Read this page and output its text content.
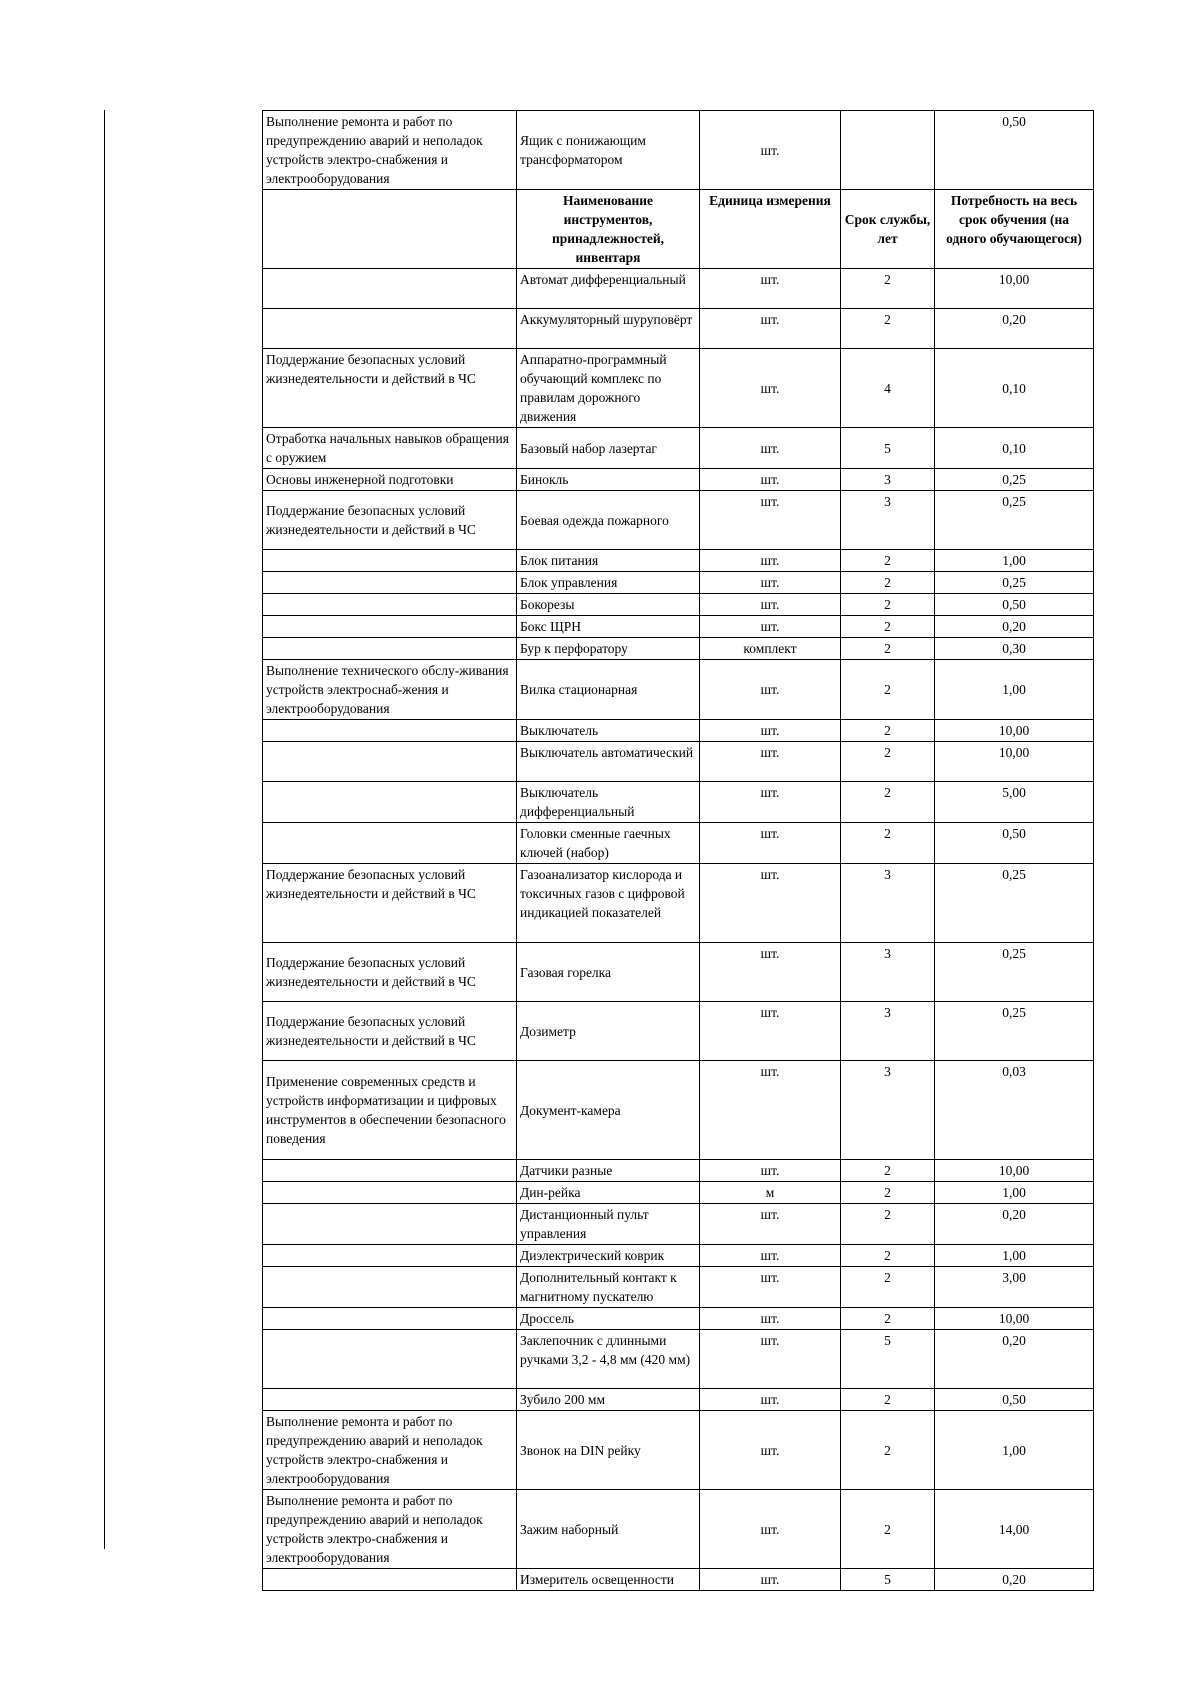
Выполнение ремонта и работ по предупреждению аварий и неполадок устройств электро-снабжения и электрооборудования	Ящик с понижающим трансформатором	шт.		0,50
	Наименование инструментов, принадлежностей, инвентаря	Единица измерения	Срок службы, лет	Потребность на весь срок обучения (на одного обучающегося)
	Автомат дифференциальный	шт.	2	10,00
	Аккумуляторный шуруповёрт	шт.	2	0,20
Поддержание безопасных условий жизнедеятельности и действий в ЧС	Аппаратно-программный обучающий комплекс по правилам дорожного движения	шт.	4	0,10
Отработка начальных навыков обращения с оружием	Базовый набор лазертаг	шт.	5	0,10
Основы инженерной подготовки	Бинокль	шт.	3	0,25
Поддержание безопасных условий жизнедеятельности и действий в ЧС	Боевая одежда пожарного	шт.	3	0,25
	Блок питания	шт.	2	1,00
	Блок управления	шт.	2	0,25
	Бокорезы	шт.	2	0,50
	Бокс ЩРН	шт.	2	0,20
	Бур к перфоратору	комплект	2	0,30
Выполнение технического обслу-живания устройств электроснаб-жения и электрооборудования	Вилка стационарная	шт.	2	1,00
	Выключатель	шт.	2	10,00
	Выключатель автоматический	шт.	2	10,00
	Выключатель дифференциальный	шт.	2	5,00
	Головки сменные гаечных ключей (набор)	шт.	2	0,50
Поддержание безопасных условий жизнедеятельности и действий в ЧС	Газоанализатор кислорода и токсичных газов с цифровой индикацией показателей	шт.	3	0,25
Поддержание безопасных условий жизнедеятельности и действий в ЧС	Газовая горелка	шт.	3	0,25
Поддержание безопасных условий жизнедеятельности и действий в ЧС	Дозиметр	шт.	3	0,25
Применение современных средств и устройств информатизации и цифровых инструментов в обеспечении безопасного поведения	Документ-камера	шт.	3	0,03
	Датчики разные	шт.	2	10,00
	Дин-рейка	м	2	1,00
	Дистанционный пульт управления	шт.	2	0,20
	Диэлектрический коврик	шт.	2	1,00
	Дополнительный контакт к магнитному пускателю	шт.	2	3,00
	Дроссель	шт.	2	10,00
	Заклепочник с длинными ручками 3,2 - 4,8 мм (420 мм)	шт.	5	0,20
	Зубило 200 мм	шт.	2	0,50
Выполнение ремонта и работ по предупреждению аварий и неполадок устройств электро-снабжения и электрооборудования	Звонок на DIN рейку	шт.	2	1,00
Выполнение ремонта и работ по предупреждению аварий и неполадок устройств электро-снабжения и электрооборудования	Зажим наборный	шт.	2	14,00
	Измеритель освещенности	шт.	5	0,20
